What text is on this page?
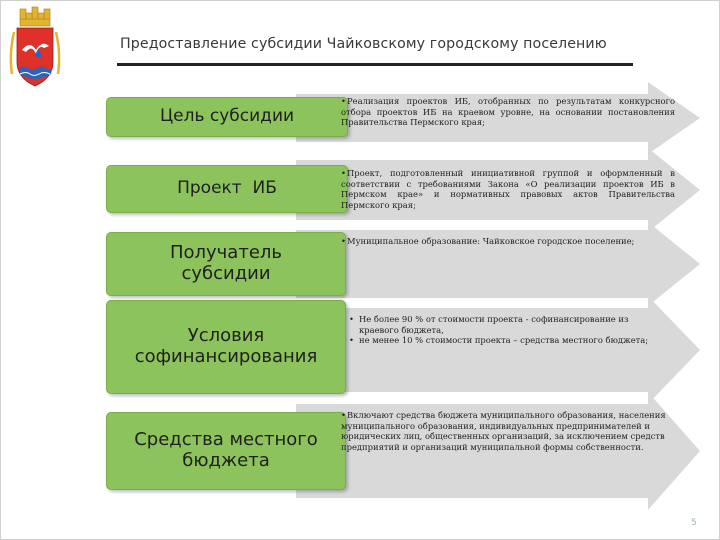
Предоставление субсидии Чайковскому городскому поселению
Цель субсидии

•Реализация проектов ИБ, отобранных по результатам конкурсного отбора проектов ИБ на краевом уровне, на основании постановления Правительства Пермского края;

Проект  ИБ

•Проект, подготовленный инициативной группой и оформленный в соответствии с требованиями Закона «О реализации проектов ИБ в Пермском крае» и нормативных правовых актов Правительства Пермского края;

Получатель субсидии

•Муниципальное образование: Чайковское городское поселение;

Условия софинансирования
• Не более 90 % от стоимости проекта - софинансирование из краевого бюджета,
• не менее 10 % стоимости проекта – средства местного бюджета;
Средства местного бюджета

•Включают средства бюджета муниципального образования, населения муниципального образования, индивидуальных предпринимателей и юридических лиц, общественных организаций, за исключением средств предприятий и организаций муниципальной формы собственности.

5
